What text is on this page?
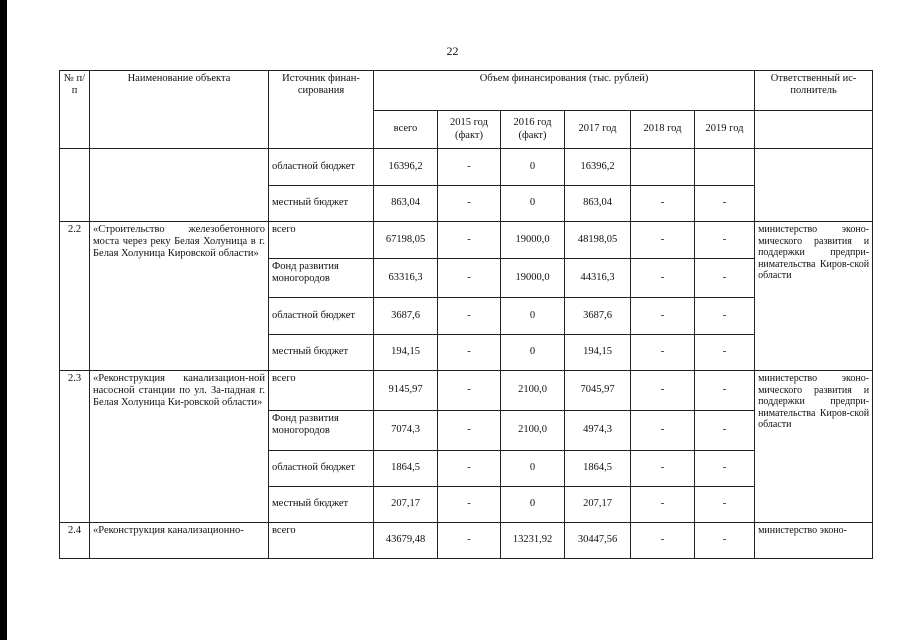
22
№ п/п	Наименование объекта	Источник финан-сирования	Объем финансирования (тыс. рублей)						Ответственный ис-полнитель
			всего	2015 год (факт)	2016 год (факт)	2017 год	2018 год	2019 год	
		областной бюджет	16396,2	-	0	16396,2			
		местный бюджет	863,04	-	0	863,04	-	-	
2.2	«Строительство железобетонного моста через реку Белая Холуница в г. Белая Холуница Кировской области»	всего	67198,05	-	19000,0	48198,05	-	-	министерство эконо-мического развития и поддержки предпри-нимательства Киров-ской области
		Фонд развития моногородов	63316,3	-	19000,0	44316,3	-	-	
		областной бюджет	3687,6	-	0	3687,6	-	-	
		местный бюджет	194,15	-	0	194,15	-	-	
2.3	«Реконструкция канализацион-ной насосной станции по ул. За-падная г. Белая Холуница Ки-ровской области»	всего	9145,97	-	2100,0	7045,97	-	-	министерство эконо-мического развития и поддержки предпри-нимательства Киров-ской области
		Фонд развития моногородов	7074,3	-	2100,0	4974,3	-	-	
		областной бюджет	1864,5	-	0	1864,5	-	-	
		местный бюджет	207,17	-	0	207,17	-	-	
2.4	«Реконструкция канализационно-	всего	43679,48	-	13231,92	30447,56	-	-	министерство эконо-
